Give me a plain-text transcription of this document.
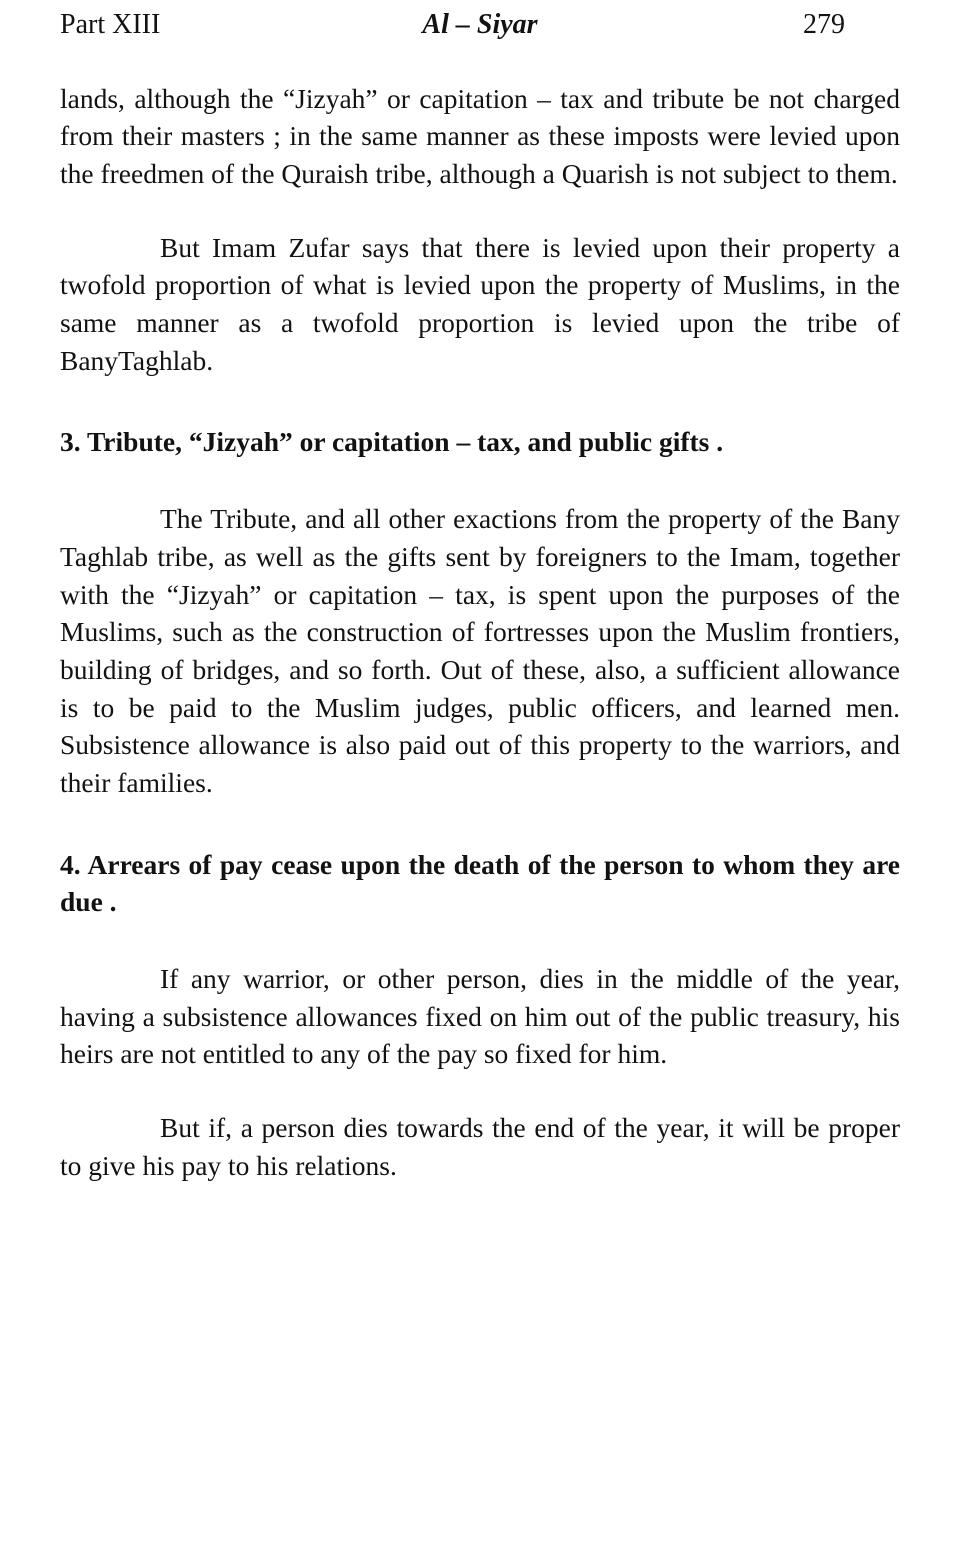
Part XIII	Al – Siyar	279

lands, although the “Jizyah” or capitation – tax and tribute be not charged from their masters ; in the same manner as these imposts were levied upon the freedmen of the Quraish tribe, although a Quarish is not subject to them.

But Imam Zufar says that there is levied upon their property a twofold proportion of what is levied upon the property of Muslims, in the same manner as a twofold proportion is levied upon the tribe of BanyTaghlab.

3. Tribute, “Jizyah” or capitation – tax, and public gifts .

The Tribute, and all other exactions from the property of the Bany Taghlab tribe, as well as the gifts sent by foreigners to the Imam, together with the “Jizyah” or capitation – tax, is spent upon the purposes of the Muslims, such as the construction of fortresses upon the Muslim frontiers, building of bridges, and so forth. Out of these, also, a sufficient allowance is to be paid to the Muslim judges, public officers, and learned men. Subsistence allowance is also paid out of this property to the warriors, and their families.

4. Arrears of pay cease upon the death of the person to whom they are due .

If any warrior, or other person, dies in the middle of the year, having a subsistence allowances fixed on him out of the public treasury, his heirs are not entitled to any of the pay so fixed for him.

But if, a person dies towards the end of the year, it will be proper to give his pay to his relations.
